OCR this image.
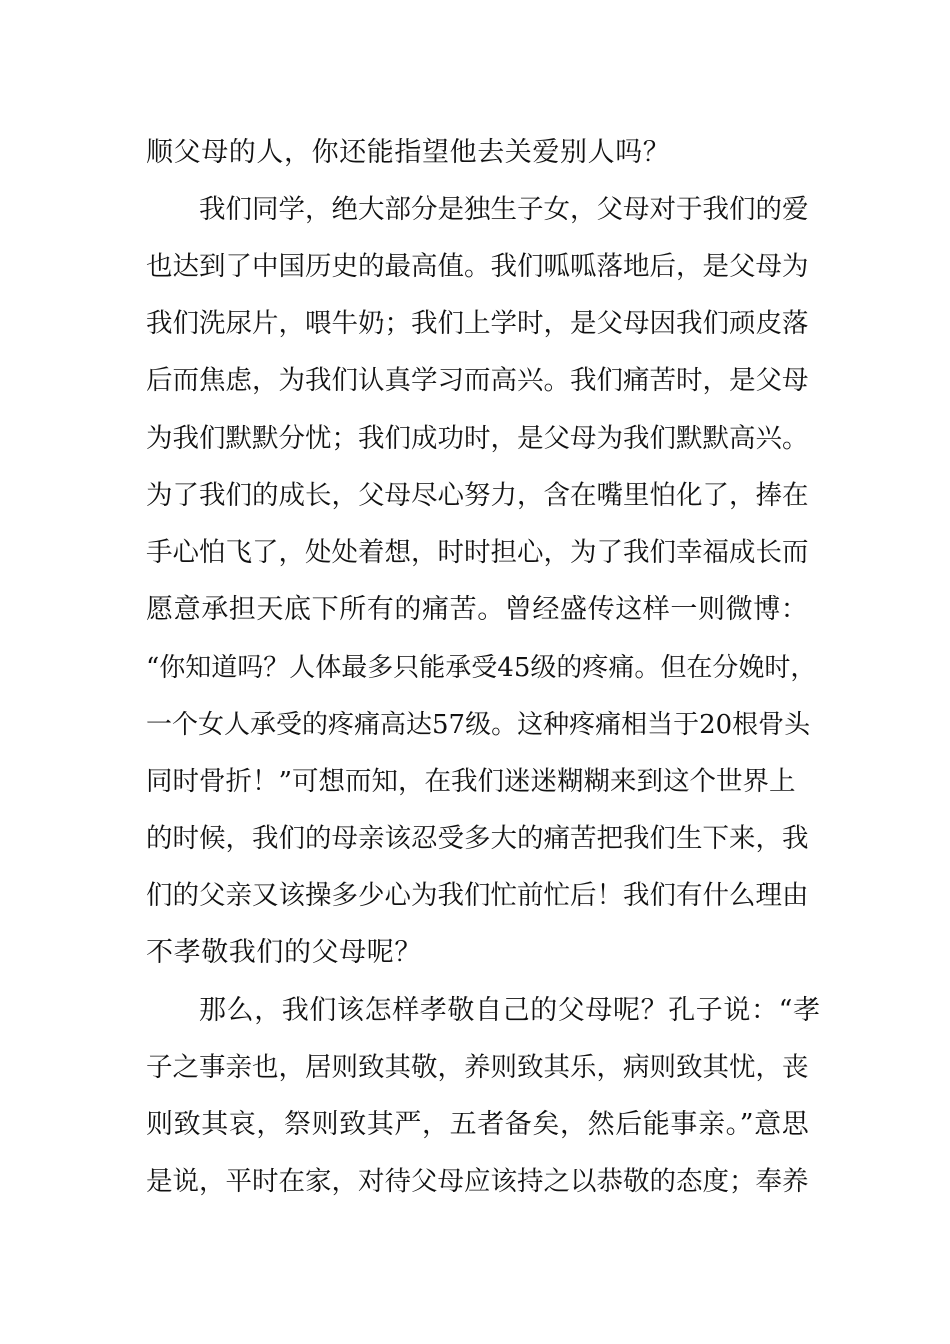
顺父母的人，你还能指望他去关爱别人吗？
我们同学，绝大部分是独生子女，父母对于我们的爱
也达到了中国历史的最高值。我们呱呱落地后，是父母为
我们洗尿片，喂牛奶；我们上学时，是父母因我们顽皮落
后而焦虑，为我们认真学习而高兴。我们痛苦时，是父母
为我们默默分忧；我们成功时，是父母为我们默默高兴。
为了我们的成长，父母尽心努力，含在嘴里怕化了，捧在
手心怕飞了，处处着想，时时担心，为了我们幸福成长而
愿意承担天底下所有的痛苦。曾经盛传这样一则微博：
“你知道吗？人体最多只能承受45级的疼痛。但在分娩时，
一个女人承受的疼痛高达57级。这种疼痛相当于20根骨头
同时骨折！”可想而知，在我们迷迷糊糊来到这个世界上
的时候，我们的母亲该忍受多大的痛苦把我们生下来，我
们的父亲又该操多少心为我们忙前忙后！我们有什么理由
不孝敬我们的父母呢？
那么，我们该怎样孝敬自己的父母呢？孔子说：“孝
子之事亲也，居则致其敬，养则致其乐，病则致其忧，丧
则致其哀，祭则致其严，五者备矣，然后能事亲。”意思
是说，平时在家，对待父母应该持之以恭敬的态度；奉养
